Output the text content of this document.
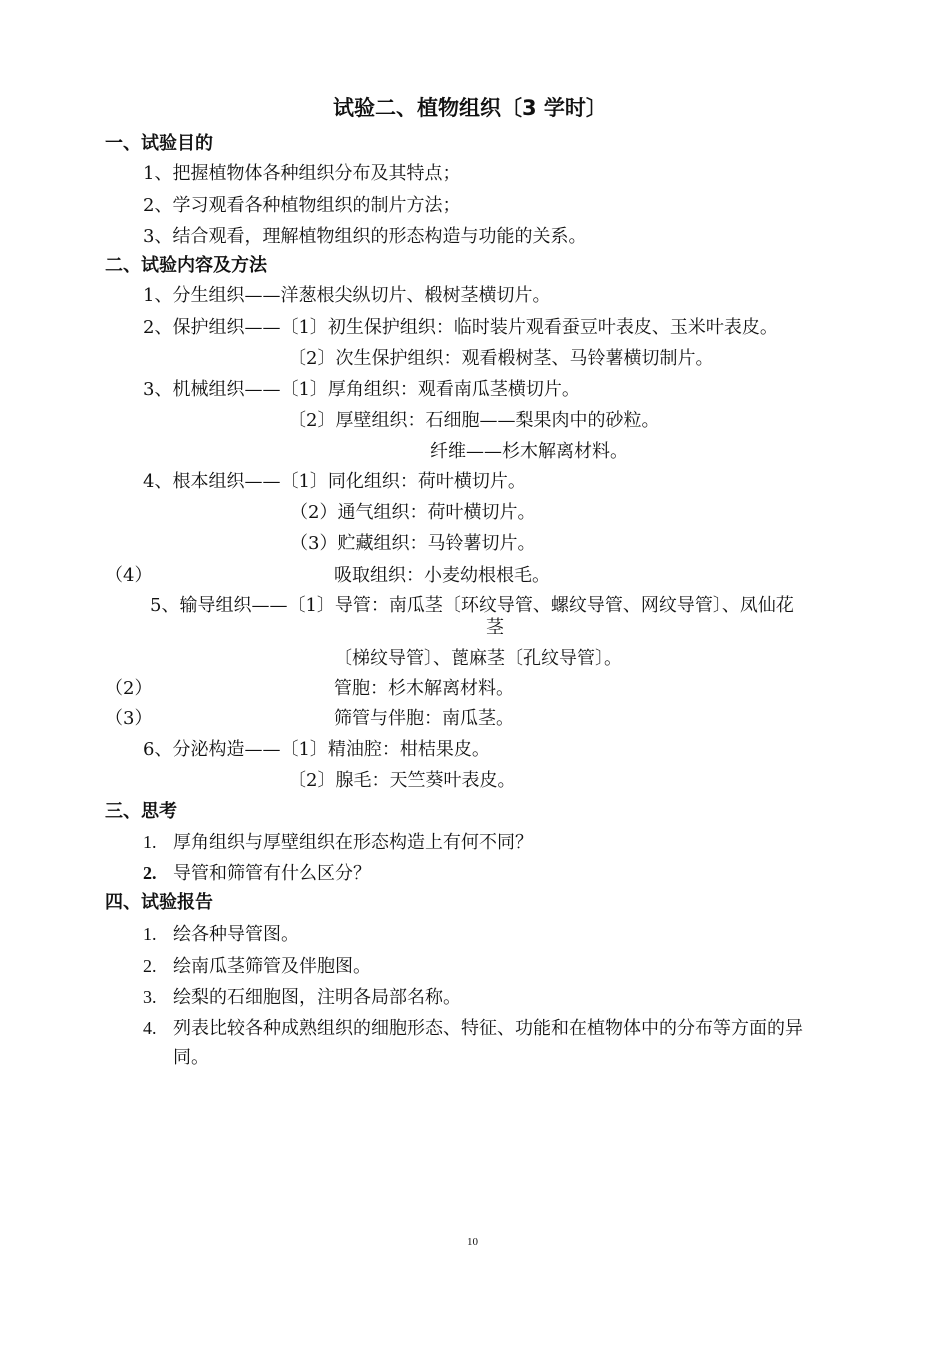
试验二、植物组织〔3 学时〕
一、试验目的
1、把握植物体各种组织分布及其特点；
2、学习观看各种植物组织的制片方法；
3、结合观看，理解植物组织的形态构造与功能的关系。
二、试验内容及方法
1、分生组织——洋葱根尖纵切片、椴树茎横切片。
2、保护组织——〔1〕初生保护组织：临时装片观看蚕豆叶表皮、玉米叶表皮。
〔2〕次生保护组织：观看椴树茎、马铃薯横切制片。
3、机械组织——〔1〕厚角组织：观看南瓜茎横切片。
〔2〕厚壁组织：石细胞——梨果肉中的砂粒。
纤维——杉木解离材料。
4、根本组织——〔1〕同化组织：荷叶横切片。
（2）通气组织：荷叶横切片。
（3）贮藏组织：马铃薯切片。
（4）	吸取组织：小麦幼根根毛。
5、输导组织——〔1〕导管：南瓜茎〔环纹导管、螺纹导管、网纹导管〕、凤仙花
茎
〔梯纹导管〕、蓖麻茎〔孔纹导管〕。
（2）	管胞：杉木解离材料。
（3）	筛管与伴胞：南瓜茎。
6、分泌构造——〔1〕精油腔：柑桔果皮。
〔2〕腺毛：天竺葵叶表皮。
三、思考
1. 厚角组织与厚壁组织在形态构造上有何不同？
2. 导管和筛管有什么区分？
四、试验报告
1. 绘各种导管图。
2. 绘南瓜茎筛管及伴胞图。
3. 绘梨的石细胞图，注明各局部名称。
4. 列表比较各种成熟组织的细胞形态、特征、功能和在植物体中的分布等方面的异
同。
10
